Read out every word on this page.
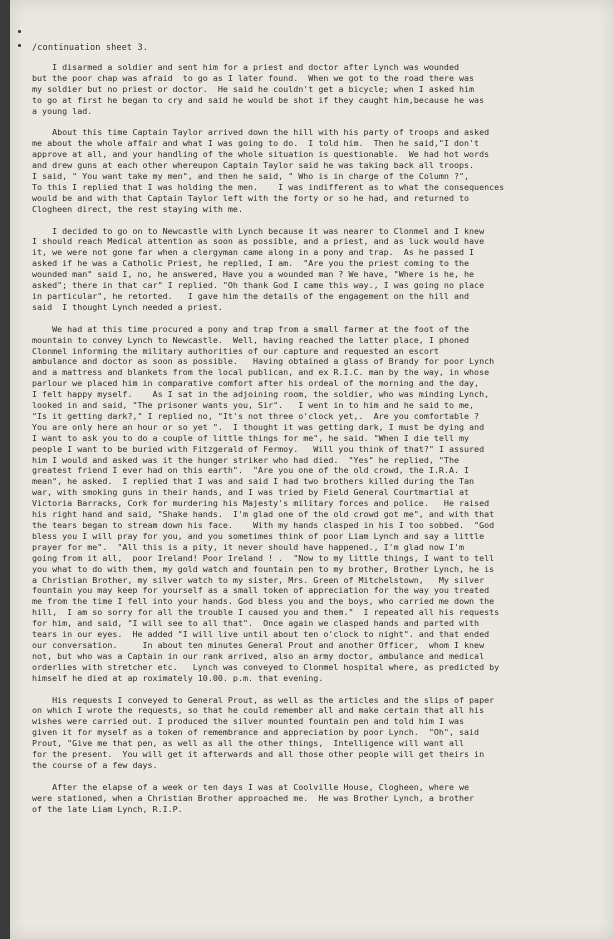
/continuation sheet 3.

I disarmed a soldier and sent him for a priest and doctor after Lynch was wounded
but the poor chap was afraid  to go as I later found.  When we got to the road there was
my soldier but no priest or doctor.  He said he couldn't get a bicycle; when I asked him
to go at first he began to cry and said he would be shot if they caught him,because he was
a young lad.

About this time Captain Taylor arrived down the hill with his party of troops and asked
me about the whole affair and what I was going to do.  I told him.  Then he said,"I don't
approve at all, and your handling of the whole situation is questionable.  We had hot words
and drew guns at each other whereupon Captain Taylor said he was taking back all troops.
I said, " You want take my men", and then he said, " Who is in charge of the Column ?",
To this I replied that I was holding the men.    I was indifferent as to what the consequences
would be and with that Captain Taylor left with the forty or so he had, and returned to
Clogheen direct, the rest staying with me.

I decided to go on to Newcastle with Lynch because it was nearer to Clonmel and I knew
I should reach Medical attention as soon as possible, and a priest, and as luck would have
it, we were not gone far when a clergyman came along in a pony and trap.  As he passed I
asked if he was a Catholic Priest, he replied, I am.  "Are you the priest coming to the
wounded man" said I, no, he answered, Have you a wounded man ? We have, "Where is he, he
asked"; there in that car" I replied. "Oh thank God I came this way., I was going no place
in particular", he retorted.   I gave him the details of the engagement on the hill and
said  I thought Lynch needed a priest.

We had at this time procured a pony and trap from a small farmer at the foot of the
mountain to convey Lynch to Newcastle.  Well, having reached the latter place, I phoned
Clonmel informing the military authorities of our capture and requested an escort
ambulance and doctor as soon as possible.   Having obtained a glass of Brandy for poor Lynch
and a mattress and blankets from the local publican, and ex R.I.C. man by the way, in whose
parlour we placed him in comparative comfort after his ordeal of the morning and the day,
I felt happy myself.    As I sat in the adjoining room, the soldier, who was minding Lynch,
looked in and said, "The prisoner wants you, Sir".   I went in to him and he said to me,
"Is it getting dark?," I replied no, "It's not three o'clock yet,.  Are you comfortable ?
You are only here an hour or so yet ".  I thought it was getting dark, I must be dying and
I want to ask you to do a couple of little things for me", he said. "When I die tell my
people I want to be buried with Fitzgerald of Fermoy.   Will you think of that?" I assured
him I would and asked was it the hunger striker who had died.  "Yes" he replied, "The
greatest friend I ever had on this earth".  "Are you one of the old crowd, the I.R.A. I
mean", he asked.  I replied that I was and said I had two brothers killed during the Tan
war, with smoking guns in their hands, and I was tried by Field General Courtmartial at
Victoria Barracks, Cork for murdering his Majesty's military forces and police.   He raised
his right hand and said, "Shake hands.  I'm glad one of the old crowd got me", and with that
the tears began to stream down his face.    With my hands clasped in his I too sobbed.  "God
bless you I will pray for you, and you sometimes think of poor Liam Lynch and say a little
prayer for me".  "All this is a pity, it never should have happened., I'm glad now I'm
going from it all,  poor Ireland! Poor Ireland ! .  "Now to my little things, I want to tell
you what to do with them, my gold watch and fountain pen to my brother, Brother Lynch, he is
a Christian Brother, my silver watch to my sister, Mrs. Green of Mitchelstown,   My silver
fountain you may keep for yourself as a small token of appreciation for the way you treated
me from the time I fell into your hands. God bless you and the boys, who carried me down the
hill,  I am so sorry for all the trouble I caused you and them."  I repeated all his requests
for him, and said, "I will see to all that".  Once again we clasped hands and parted with
tears in our eyes.  He added "I will live until about ten o'clock to night". and that ended
our conversation.     In about ten minutes General Prout and another Officer,  whom I knew
not, but who was a Captain in our rank arrived, also an army doctor, ambulance and medical
orderlies with stretcher etc.   Lynch was conveyed to Clonmel hospital where, as predicted by
himself he died at ap roximately 10.00. p.m. that evening.

His requests I conveyed to General Prout, as well as the articles and the slips of paper
on which I wrote the requests, so that he could remember all and make certain that all his
wishes were carried out. I produced the silver mounted fountain pen and told him I was
given it for myself as a token of remembrance and appreciation by poor Lynch.  "Oh", said
Prout, "Give me that pen, as well as all the other things,  Intelligence will want all
for the present.  You will get it afterwards and all those other people will get theirs in
the course of a few days.

After the elapse of a week or ten days I was at Coolville House, Clogheen, where we
were stationed, when a Christian Brother approached me.  He was Brother Lynch, a brother
of the late Liam Lynch, R.I.P.
